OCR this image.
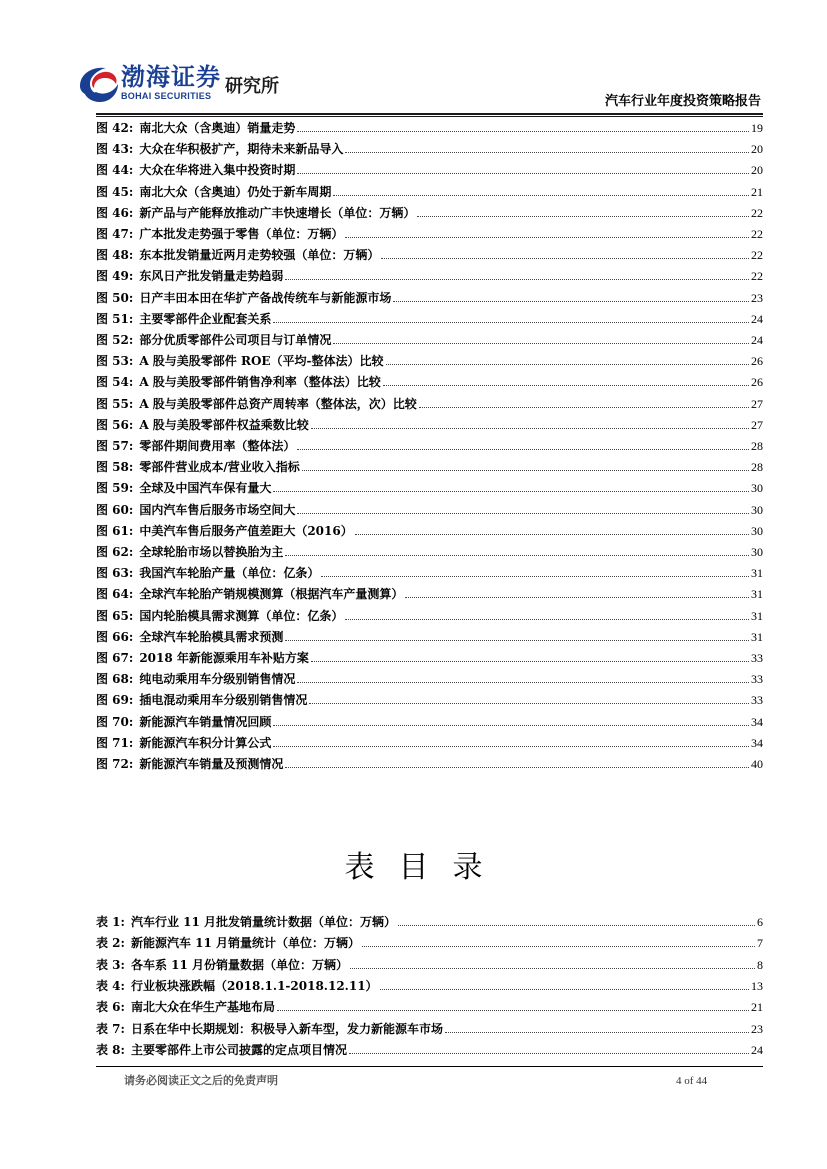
渤海证券
BOHAI SECURITIES 研究所
汽车行业年度投资策略报告
图 42: 南北大众（含奥迪）销量走势	19
图 43: 大众在华积极扩产，期待未来新品导入	20
图 44: 大众在华将进入集中投资时期	20
图 45: 南北大众（含奥迪）仍处于新车周期	21
图 46: 新产品与产能释放推动广丰快速增长（单位：万辆）	22
图 47: 广本批发走势强于零售（单位：万辆）	22
图 48: 东本批发销量近两月走势较强（单位：万辆）	22
图 49: 东风日产批发销量走势趋弱	22
图 50: 日产丰田本田在华扩产备战传统车与新能源市场	23
图 51: 主要零部件企业配套关系	24
图 52: 部分优质零部件公司项目与订单情况	24
图 53: A 股与美股零部件 ROE（平均-整体法）比较	26
图 54: A 股与美股零部件销售净利率（整体法）比较	26
图 55: A 股与美股零部件总资产周转率（整体法，次）比较	27
图 56: A 股与美股零部件权益乘数比较	27
图 57: 零部件期间费用率（整体法）	28
图 58: 零部件营业成本/营业收入指标	28
图 59: 全球及中国汽车保有量大	30
图 60: 国内汽车售后服务市场空间大	30
图 61: 中美汽车售后服务产值差距大（2016）	30
图 62: 全球轮胎市场以替换胎为主	30
图 63: 我国汽车轮胎产量（单位：亿条）	31
图 64: 全球汽车轮胎产销规模测算（根据汽车产量测算）	31
图 65: 国内轮胎模具需求测算（单位：亿条）	31
图 66: 全球汽车轮胎模具需求预测	31
图 67: 2018 年新能源乘用车补贴方案	33
图 68: 纯电动乘用车分级别销售情况	33
图 69: 插电混动乘用车分级别销售情况	33
图 70: 新能源汽车销量情况回顾	34
图 71: 新能源汽车积分计算公式	34
图 72: 新能源汽车销量及预测情况	40
表目录
表 1: 汽车行业 11 月批发销量统计数据（单位：万辆）	6
表 2: 新能源汽车 11 月销量统计（单位：万辆）	7
表 3: 各车系 11 月份销量数据（单位：万辆）	8
表 4: 行业板块涨跌幅（2018.1.1-2018.12.11）	13
表 6: 南北大众在华生产基地布局	21
表 7: 日系在华中长期规划：积极导入新车型，发力新能源车市场	23
表 8: 主要零部件上市公司披露的定点项目情况	24
请务必阅读正文之后的免责声明	4 of 44
